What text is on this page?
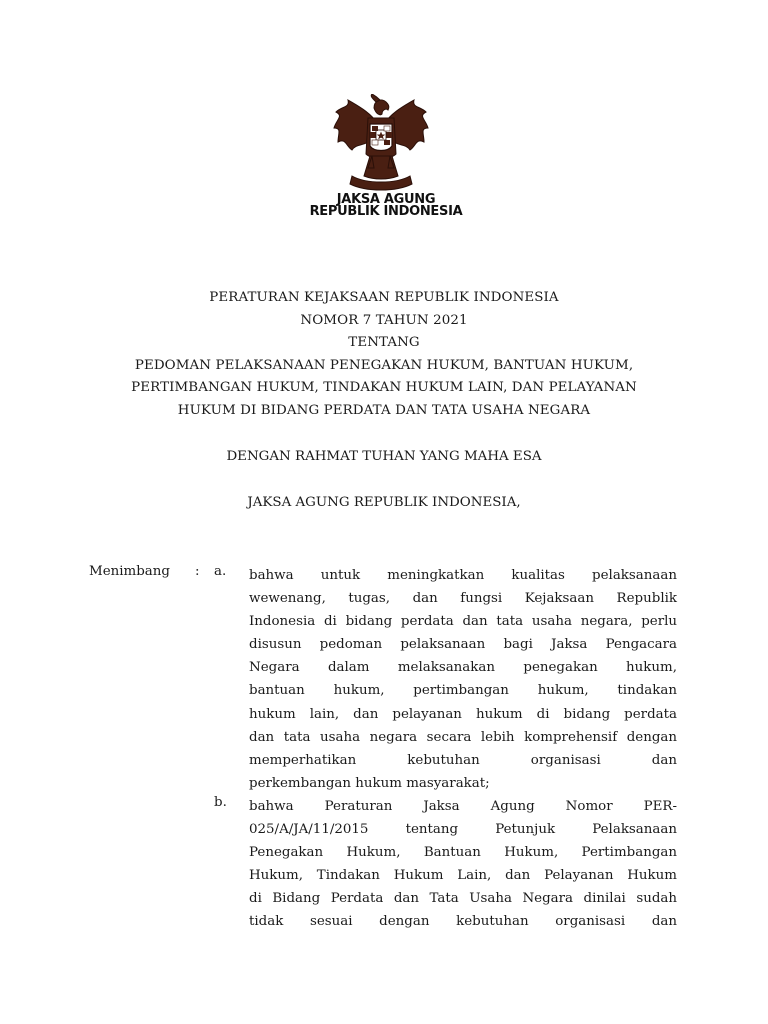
JAKSA AGUNG
REPUBLIK INDONESIA
PERATURAN KEJAKSAAN REPUBLIK INDONESIA
NOMOR 7 TAHUN 2021
TENTANG
PEDOMAN PELAKSANAAN PENEGAKAN HUKUM, BANTUAN HUKUM,
PERTIMBANGAN HUKUM, TINDAKAN HUKUM LAIN, DAN PELAYANAN
HUKUM DI BIDANG PERDATA DAN TATA USAHA NEGARA
DENGAN RAHMAT TUHAN YANG MAHA ESA
JAKSA AGUNG REPUBLIK INDONESIA,
Menimbang : a. bahwa untuk meningkatkan kualitas pelaksanaan
wewenang, tugas, dan fungsi Kejaksaan Republik
Indonesia di bidang perdata dan tata usaha negara, perlu
disusun pedoman pelaksanaan bagi Jaksa Pengacara
Negara dalam melaksanakan penegakan hukum,
bantuan hukum, pertimbangan hukum, tindakan
hukum lain, dan pelayanan hukum di bidang perdata
dan tata usaha negara secara lebih komprehensif dengan
memperhatikan kebutuhan organisasi dan
perkembangan hukum masyarakat;
b. bahwa Peraturan Jaksa Agung Nomor PER-
025/A/JA/11/2015 tentang Petunjuk Pelaksanaan
Penegakan Hukum, Bantuan Hukum, Pertimbangan
Hukum, Tindakan Hukum Lain, dan Pelayanan Hukum
di Bidang Perdata dan Tata Usaha Negara dinilai sudah
tidak sesuai dengan kebutuhan organisasi dan
